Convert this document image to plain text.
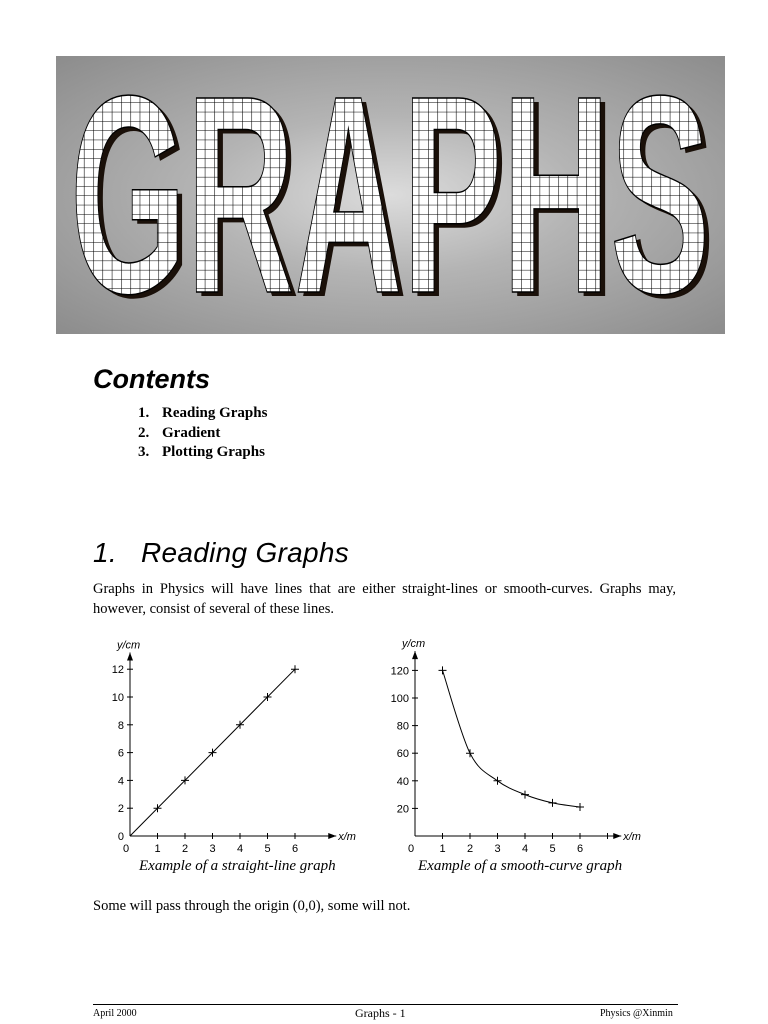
GRAPHS
GRAPHS
Contents
1. Reading Graphs
2. Gradient
3. Plotting Graphs
1. Reading Graphs

Graphs in Physics will have lines that are either straight-lines or smooth-curves. Graphs may, however, consist of several of these lines.

0 1 2 3 4 5 6
0
2
4
6
8
10
12
x/m
y/cm
0 1 2 3 4 5 6
20
40
60
80
100
120
x/m
y/cm
Example of a straight-line graph	Example of a smooth-curve graph

Some will pass through the origin (0,0), some will not.

April 2000	Graphs - 1	Physics @Xinmin
